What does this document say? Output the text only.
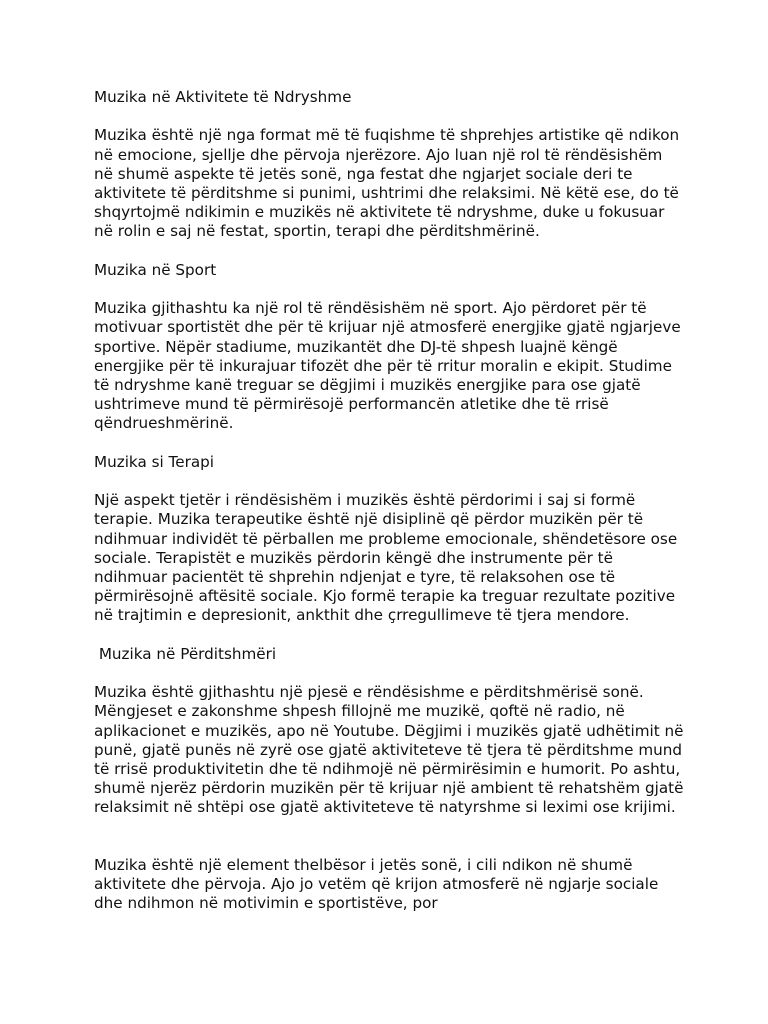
Muzika në Aktivitete të Ndryshme

Muzika është një nga format më të fuqishme të shprehjes artistike që ndikon në emocione, sjellje dhe përvoja njerëzore. Ajo luan një rol të rëndësishëm në shumë aspekte të jetës sonë, nga festat dhe ngjarjet sociale deri te aktivitete të përditshme si punimi, ushtrimi dhe relaksimi. Në këtë ese, do të shqyrtojmë ndikimin e muzikës në aktivitete të ndryshme, duke u fokusuar në rolin e saj në festat, sportin, terapi dhe përditshmërinë.

Muzika në Sport

Muzika gjithashtu ka një rol të rëndësishëm në sport. Ajo përdoret për të motivuar sportistët dhe për të krijuar një atmosferë energjike gjatë ngjarjeve sportive. Nëpër stadiume, muzikantët dhe DJ-të shpesh luajnë këngë energjike për të inkurajuar tifozët dhe për të rritur moralin e ekipit. Studime të ndryshme kanë treguar se dëgjimi i muzikës energjike para ose gjatë ushtrimeve mund të përmirësojë performancën atletike dhe të rrisë qëndrueshmërinë.

Muzika si Terapi

Një aspekt tjetër i rëndësishëm i muzikës është përdorimi i saj si formë terapie. Muzika terapeutike është një disiplinë që përdor muzikën për të ndihmuar individët të përballen me probleme emocionale, shëndetësore ose sociale. Terapistët e muzikës përdorin këngë dhe instrumente për të ndihmuar pacientët të shprehin ndjenjat e tyre, të relaksohen ose të përmirësojnë aftësitë sociale. Kjo formë terapie ka treguar rezultate pozitive në trajtimin e depresionit, ankthit dhe çrregullimeve të tjera mendore.

Muzika në Përditshmëri

Muzika është gjithashtu një pjesë e rëndësishme e përditshmërisë sonë. Mëngjeset e zakonshme shpesh fillojnë me muzikë, qoftë në radio, në aplikacionet e muzikës, apo në Youtube. Dëgjimi i muzikës gjatë udhëtimit në punë, gjatë punës në zyrë ose gjatë aktiviteteve të tjera të përditshme mund të rrisë produktivitetin dhe të ndihmojë në përmirësimin e humorit. Po ashtu, shumë njerëz përdorin muzikën për të krijuar një ambient të rehatshëm gjatë relaksimit në shtëpi ose gjatë aktiviteteve të natyrshme si leximi ose krijimi.

Muzika është një element thelbësor i jetës sonë, i cili ndikon në shumë aktivitete dhe përvoja. Ajo jo vetëm që krijon atmosferë në ngjarje sociale dhe ndihmon në motivimin e sportistëve, por
